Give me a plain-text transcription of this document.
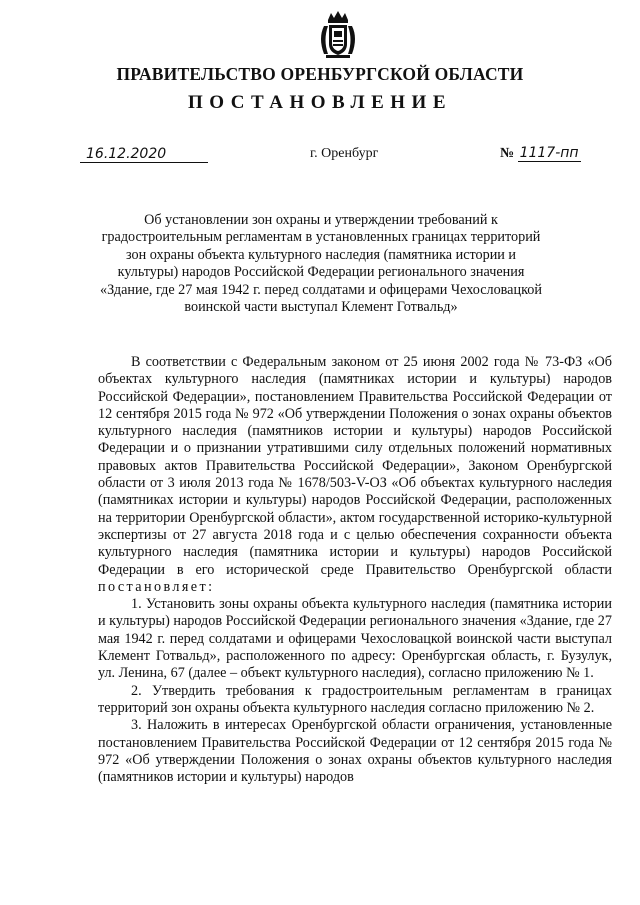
ПРАВИТЕЛЬСТВО ОРЕНБУРГСКОЙ ОБЛАСТИ
ПОСТАНОВЛЕНИЕ
16.12.2020	г. Оренбург	№ 1117-пп
Об установлении зон охраны и утверждении требований к градостроительным регламентам в установленных границах территорий зон охраны объекта культурного наследия (памятника истории и культуры) народов Российской Федерации регионального значения «Здание, где 27 мая 1942 г. перед солдатами и офицерами Чехословацкой воинской части выступал Клемент Готвальд»

В соответствии с Федеральным законом от 25 июня 2002 года № 73-ФЗ «Об объектах культурного наследия (памятниках истории и культуры) народов Российской Федерации», постановлением Правительства Российской Федерации от 12 сентября 2015 года № 972 «Об утверждении Положения о зонах охраны объектов культурного наследия (памятников истории и культуры) народов Российской Федерации и о признании утратившими силу отдельных положений нормативных правовых актов Правительства Российской Федерации», Законом Оренбургской области от 3 июля 2013 года № 1678/503-V-ОЗ «Об объектах культурного наследия (памятниках истории и культуры) народов Российской Федерации, расположенных на территории Оренбургской области», актом государственной историко-культурной экспертизы от 27 августа 2018 года и с целью обеспечения сохранности объекта культурного наследия (памятника истории и культуры) народов Российской Федерации в его исторической среде Правительство Оренбургской области постановляет:

1. Установить зоны охраны объекта культурного наследия (памятника истории и культуры) народов Российской Федерации регионального значения «Здание, где 27 мая 1942 г. перед солдатами и офицерами Чехословацкой воинской части выступал Клемент Готвальд», расположенного по адресу: Оренбургская область, г. Бузулук, ул. Ленина, 67 (далее – объект культурного наследия), согласно приложению № 1.

2. Утвердить требования к градостроительным регламентам в границах территорий зон охраны объекта культурного наследия согласно приложению № 2.

3. Наложить в интересах Оренбургской области ограничения, установленные постановлением Правительства Российской Федерации от 12 сентября 2015 года № 972 «Об утверждении Положения о зонах охраны объектов культурного наследия (памятников истории и культуры) народов
